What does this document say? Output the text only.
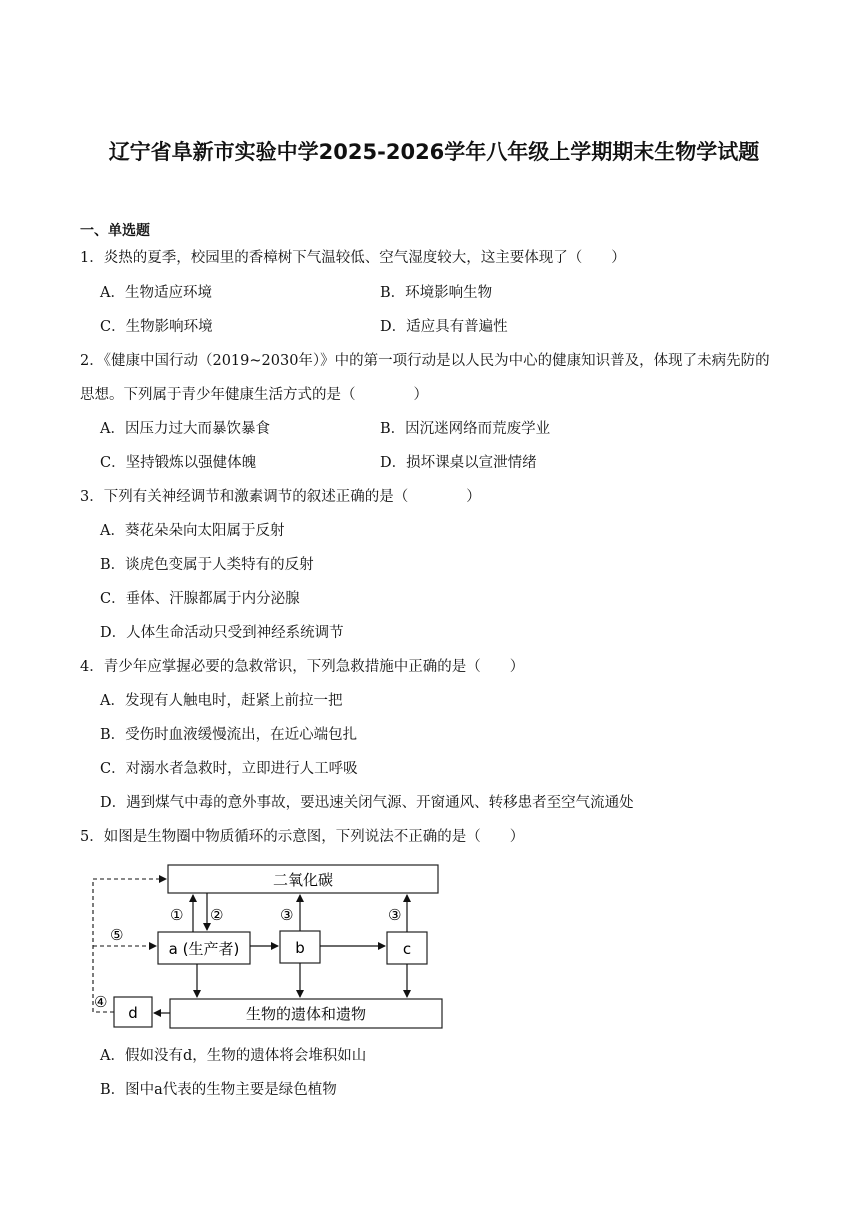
辽宁省阜新市实验中学2025-2026学年八年级上学期期末生物学试题
一、单选题
1．炎热的夏季，校园里的香樟树下气温较低、空气湿度较大，这主要体现了（　　）
A．生物适应环境	B．环境影响生物
C．生物影响环境	D．适应具有普遍性
2．《健康中国行动（2019~2030年）》中的第一项行动是以人民为中心的健康知识普及，体现了未病先防的
思想。下列属于青少年健康生活方式的是（　　　　）
A．因压力过大而暴饮暴食	B．因沉迷网络而荒废学业
C．坚持锻炼以强健体魄	D．损坏课桌以宣泄情绪
3．下列有关神经调节和激素调节的叙述正确的是（　　　　）
A．葵花朵朵向太阳属于反射
B．谈虎色变属于人类特有的反射
C．垂体、汗腺都属于内分泌腺
D．人体生命活动只受到神经系统调节
4．青少年应掌握必要的急救常识，下列急救措施中正确的是（　　）
A．发现有人触电时，赶紧上前拉一把
B．受伤时血液缓慢流出，在近心端包扎
C．对溺水者急救时，立即进行人工呼吸
D．遇到煤气中毒的意外事故，要迅速关闭气源、开窗通风、转移患者至空气流通处
5．如图是生物圈中物质循环的示意图，下列说法不正确的是（　　）
二氧化碳
a (生产者)	b	c
d	生物的遗体和遗物
① ②	③	③
④
⑤
A．假如没有d，生物的遗体将会堆积如山
B．图中a代表的生物主要是绿色植物
